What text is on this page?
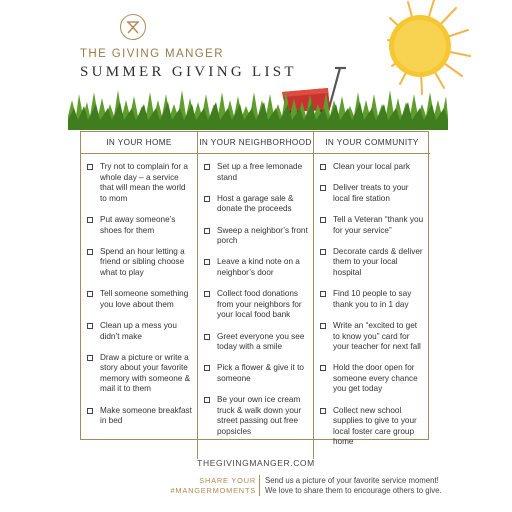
THE GIVING MANGER
SUMMER GIVING LIST
IN YOUR HOME
Try not to complain for a whole day – a service that will mean the world to mom
Put away someone’s shoes for them
Spend an hour letting a friend or sibling choose what to play
Tell someone something you love about them
Clean up a mess you didn’t make
Draw a picture or write a story about your favorite memory with someone & mail it to them
Make someone breakfast in bed
IN YOUR NEIGHBORHOOD
Set up a free lemonade stand
Host a garage sale & donate the proceeds
Sweep a neighbor’s front porch
Leave a kind note on a neighbor’s door
Collect food donations from your neighbors for your local food bank
Greet everyone you see today with a smile
Pick a flower & give it to someone
Be your own ice cream truck & walk down your street passing out free popsicles
IN YOUR COMMUNITY
Clean your local park
Deliver treats to your local fire station
Tell a Veteran “thank you for your service”
Decorate cards & deliver them to your local hospital
Find 10 people to say thank you to in 1 day
Write an “excited to get to know you” card for your teacher for next fall
Hold the door open for someone every chance you get today
Collect new school supplies to give to your local foster care group home
THEGIVINGMANGER.COM
SHARE YOUR
#MANGERMOMENTS
Send us a picture of your favorite service moment!
We love to share them to encourage others to give.
